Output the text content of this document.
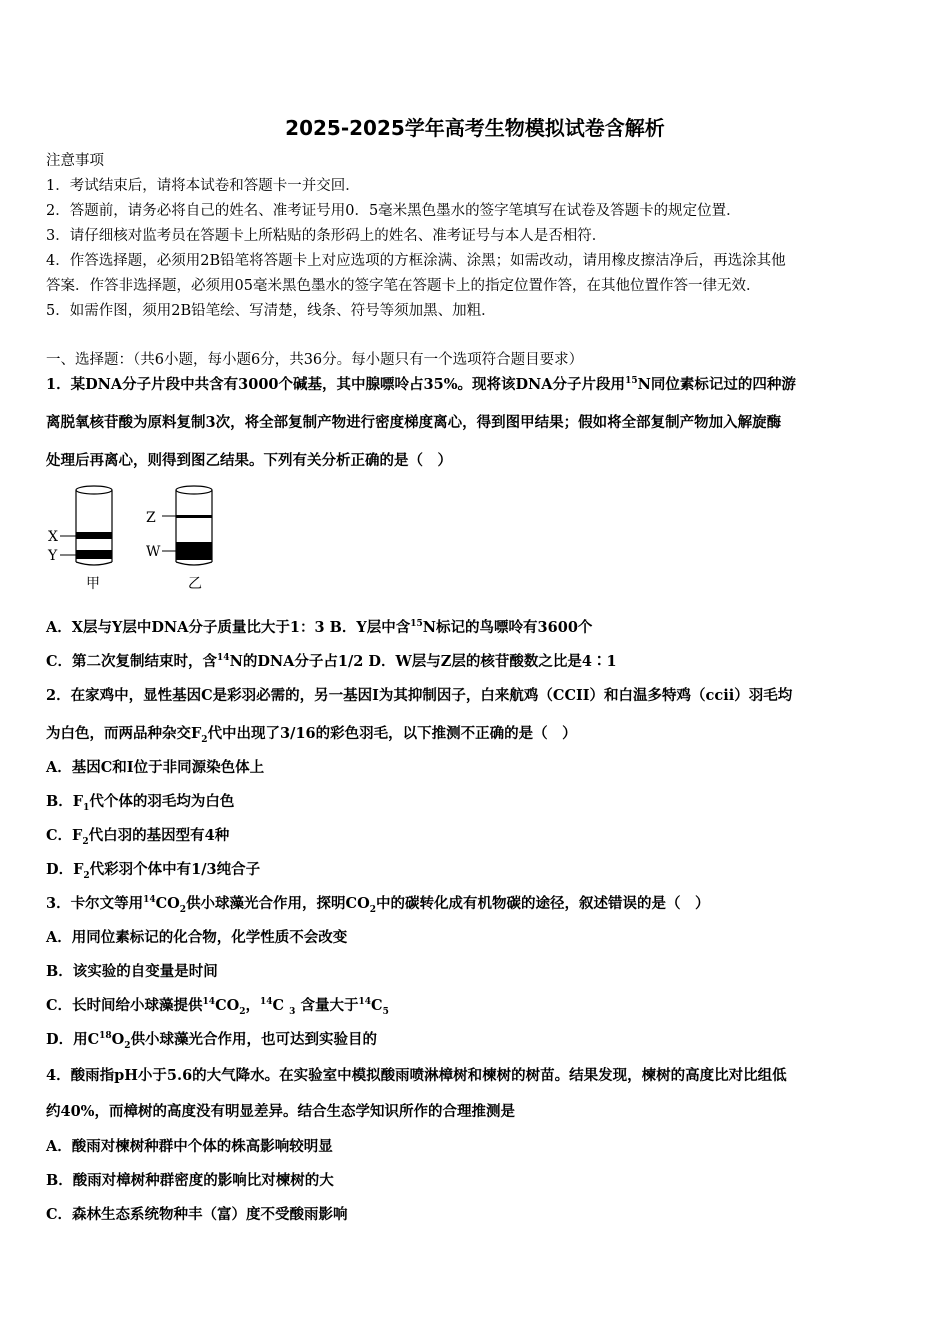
2025-2025学年高考生物模拟试卷含解析
注意事项
1．考试结束后，请将本试卷和答题卡一并交回．
2．答题前，请务必将自己的姓名、准考证号用0．5毫米黑色墨水的签字笔填写在试卷及答题卡的规定位置．
3．请仔细核对监考员在答题卡上所粘贴的条形码上的姓名、准考证号与本人是否相符．
4．作答选择题，必须用2B铅笔将答题卡上对应选项的方框涂满、涂黑；如需改动，请用橡皮擦洁净后，再选涂其他
答案．作答非选择题，必须用05毫米黑色墨水的签字笔在答题卡上的指定位置作答，在其他位置作答一律无效．
5．如需作图，须用2B铅笔绘、写清楚，线条、符号等须加黑、加粗．
一、选择题：（共6小题，每小题6分，共36分。每小题只有一个选项符合题目要求）
1．某DNA分子片段中共含有3000个碱基，其中腺嘌呤占35%。现将该DNA分子片段用$^{15}$N同位素标记过的四种游
离脱氧核苷酸为原料复制3次，将全部复制产物进行密度梯度离心，得到图甲结果；假如将全部复制产物加入解旋酶
处理后再离心，则得到图乙结果。下列有关分析正确的是（　）
X
Y
甲
Z
W
乙
A．X层与Y层中DNA分子质量比大于1：3 B．Y层中含$^{15}$N标记的鸟嘌呤有3600个
C．第二次复制结束时，含$^{14}$N的DNA分子占1/2 D．W层与Z层的核苷酸数之比是4∶1
2．在家鸡中，显性基因C是彩羽必需的，另一基因I为其抑制因子，白来航鸡（CCII）和白温多特鸡（ccii）羽毛均
为白色，而两品种杂交$F_2$代中出现了3/16的彩色羽毛，以下推测不正确的是（　）
A．基因C和I位于非同源染色体上
B．$F_1$代个体的羽毛均为白色
C．$F_2$代白羽的基因型有4种
D．$F_2$代彩羽个体中有1/3纯合子
3．卡尔文等用$^{14}CO_2$供小球藻光合作用，探明$CO_2$中的碳转化成有机物碳的途径，叙述错误的是（　）
A．用同位素标记的化合物，化学性质不会改变
B．该实验的自变量是时间
C．长时间给小球藻提供$^{14}CO_2$，$^{14}$C $_3$ 含量大于$^{14}C_5$
D．用$C^{18}O_2$供小球藻光合作用，也可达到实验目的
4．酸雨指pH小于5.6的大气降水。在实验室中模拟酸雨喷淋樟树和楝树的树苗。结果发现，楝树的高度比对比组低
约40%，而樟树的高度没有明显差异。结合生态学知识所作的合理推测是
A．酸雨对楝树种群中个体的株高影响较明显
B．酸雨对樟树种群密度的影响比对楝树的大
C．森林生态系统物种丰（富）度不受酸雨影响
